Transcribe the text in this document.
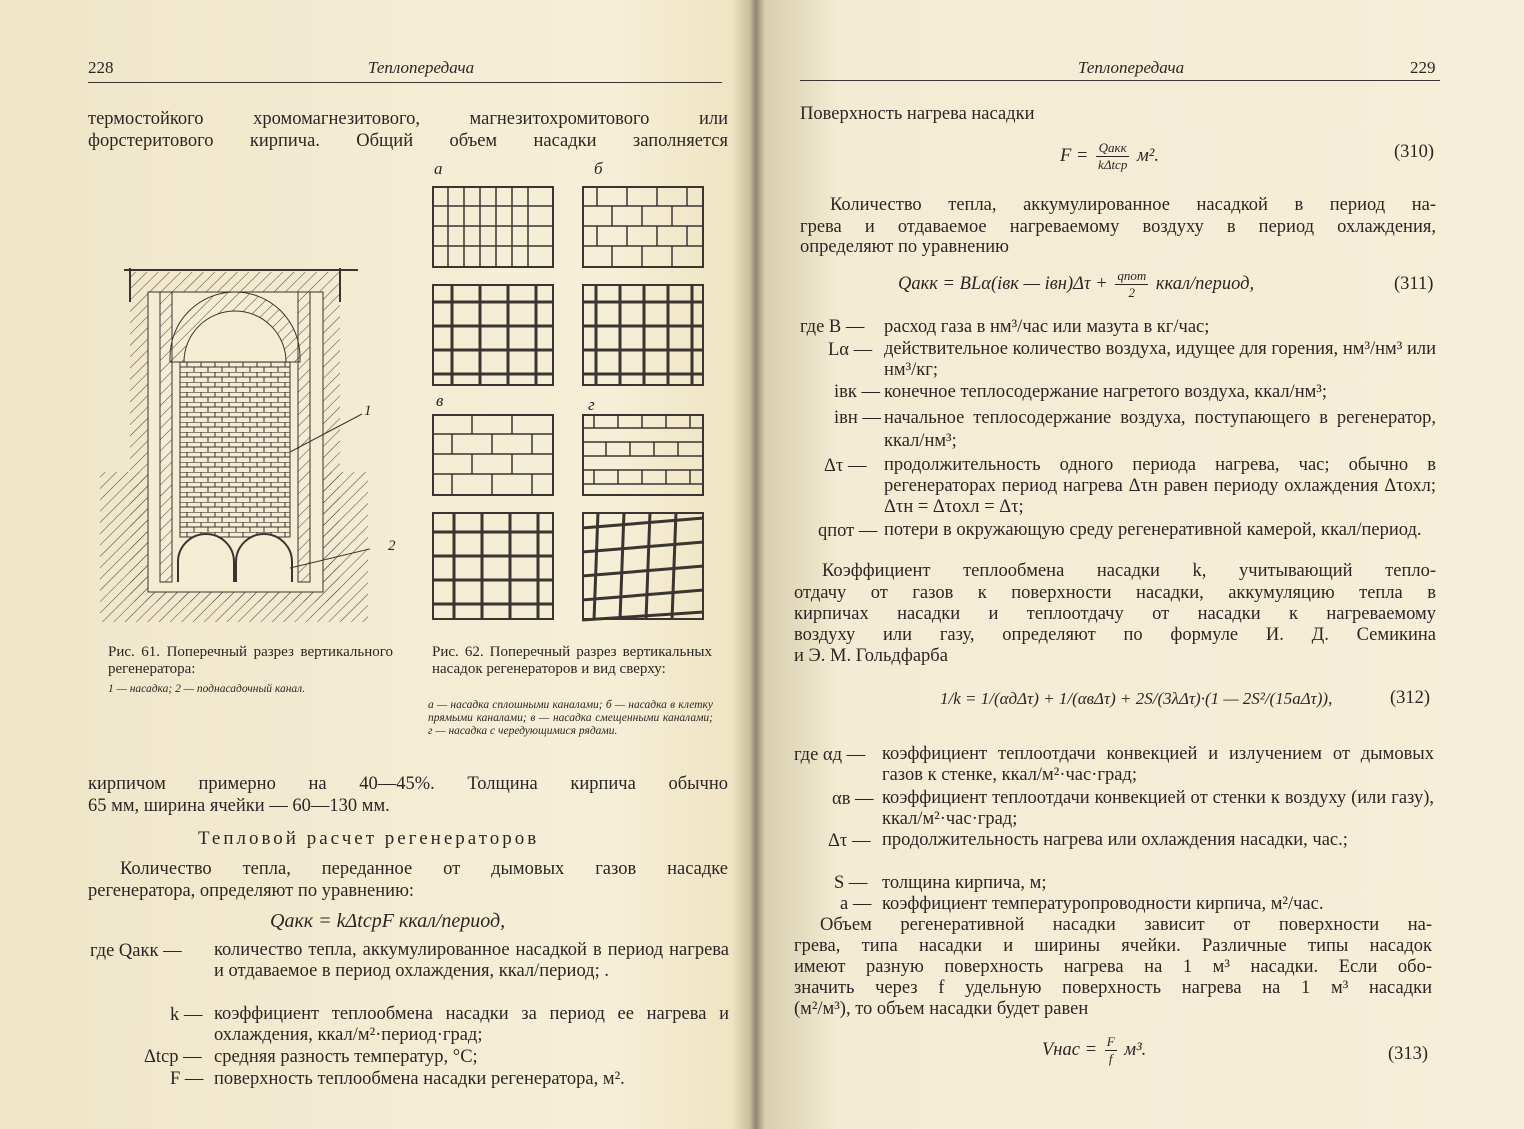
228	Теплопередача
термостойкого хромомагнезитового, магнезитохромитового или
форстеритового кирпича. Общий объем насадки заполняется
1
2
а	б
в	г
Рис. 61. Поперечный разрез вертикального регенератора:
1 — насадка; 2 — поднасадочный канал.
Рис. 62. Поперечный разрез вертикальных насадок регенераторов и вид сверху:
а — насадка сплошными каналами; б — насадка в клетку прямыми каналами; в — насадка смещенными каналами; г — насадка с чередующимися рядами.
кирпичом примерно на 40—45%. Толщина кирпича обычно
65 мм, ширина ячейки — 60—130 мм.
Тепловой расчет регенераторов
Количество тепла, переданное от дымовых газов насадке
регенератора, определяют по уравнению:
Qакк = kΔtсрF ккал/период,
где Qакк — количество тепла, аккумулированное насадкой в период нагрева и отдаваемое в период охлаждения, ккал/период; .
k — коэффициент теплообмена насадки за период ее нагрева и охлаждения, ккал/м²·период·град;
Δtср — средняя разность температур, °С;
F — поверхность теплообмена насадки регенератора, м².
Теплопередача	229
Поверхность нагрева насадки
$F = \frac{\text{Qакк}}{\text{kΔtср}} м^2$.	(310)
Количество тепла, аккумулированное насадкой в период на-
грева и отдаваемое нагреваемому воздуху в период охлаждения,
определяют по уравнению
Qакк = BLα(iвк — $iвн)\Delta\tau + \frac{\text{qпот}}{2}$ ккал/период,	(311)
где B — расход газа в нм³/час или мазута в кг/час;
Lα — действительное количество воздуха, идущее для горения, нм³/нм³ или нм³/кг;
iвк — конечное теплосодержание нагретого воздуха, ккал/нм³;
iвн — начальное теплосодержание воздуха, поступающего в регенератор, ккал/нм³;
Δτ — продолжительность одного периода нагрева, час; обычно в регенераторах период нагрева Δτн равен периоду охлаждения Δτохл; Δτн = Δτохл = Δτ;
qпот — потери в окружающую среду регенеративной камерой, ккал/период.
Коэффициент теплообмена насадки k, учитывающий тепло-
отдачу от газов к поверхности насадки, аккумуляцию тепла в
кирпичах насадки и теплоотдачу от насадки к нагреваемому
воздуху или газу, определяют по формуле И. Д. Семикина
и Э. М. Гольдфарба
1/k = 1/(αдΔτ) + 1/(αвΔτ) + 2S/(3λΔτ)·(1 — 2S²/(15aΔτ)),	(312)
где αд — коэффициент теплоотдачи конвекцией и излучением от дымовых газов к стенке, ккал/м²·час·град;
αв — коэффициент теплоотдачи конвекцией от стенки к воздуху (или газу), ккал/м²·час·град;
Δτ — продолжительность нагрева или охлаждения насадки, час.;
S — толщина кирпича, м;
a — коэффициент температуропроводности кирпича, м²/час.
Объем регенеративной насадки зависит от поверхности на-
грева, типа насадки и ширины ячейки. Различные типы насадок
имеют разную поверхность нагрева на 1 м³ насадки. Если обо-
значить через f удельную поверхность нагрева на 1 м³ насадки
(м²/м³), то объем насадки будет равен
Vнас = $\frac{F}{f} м^3$.	(313)
